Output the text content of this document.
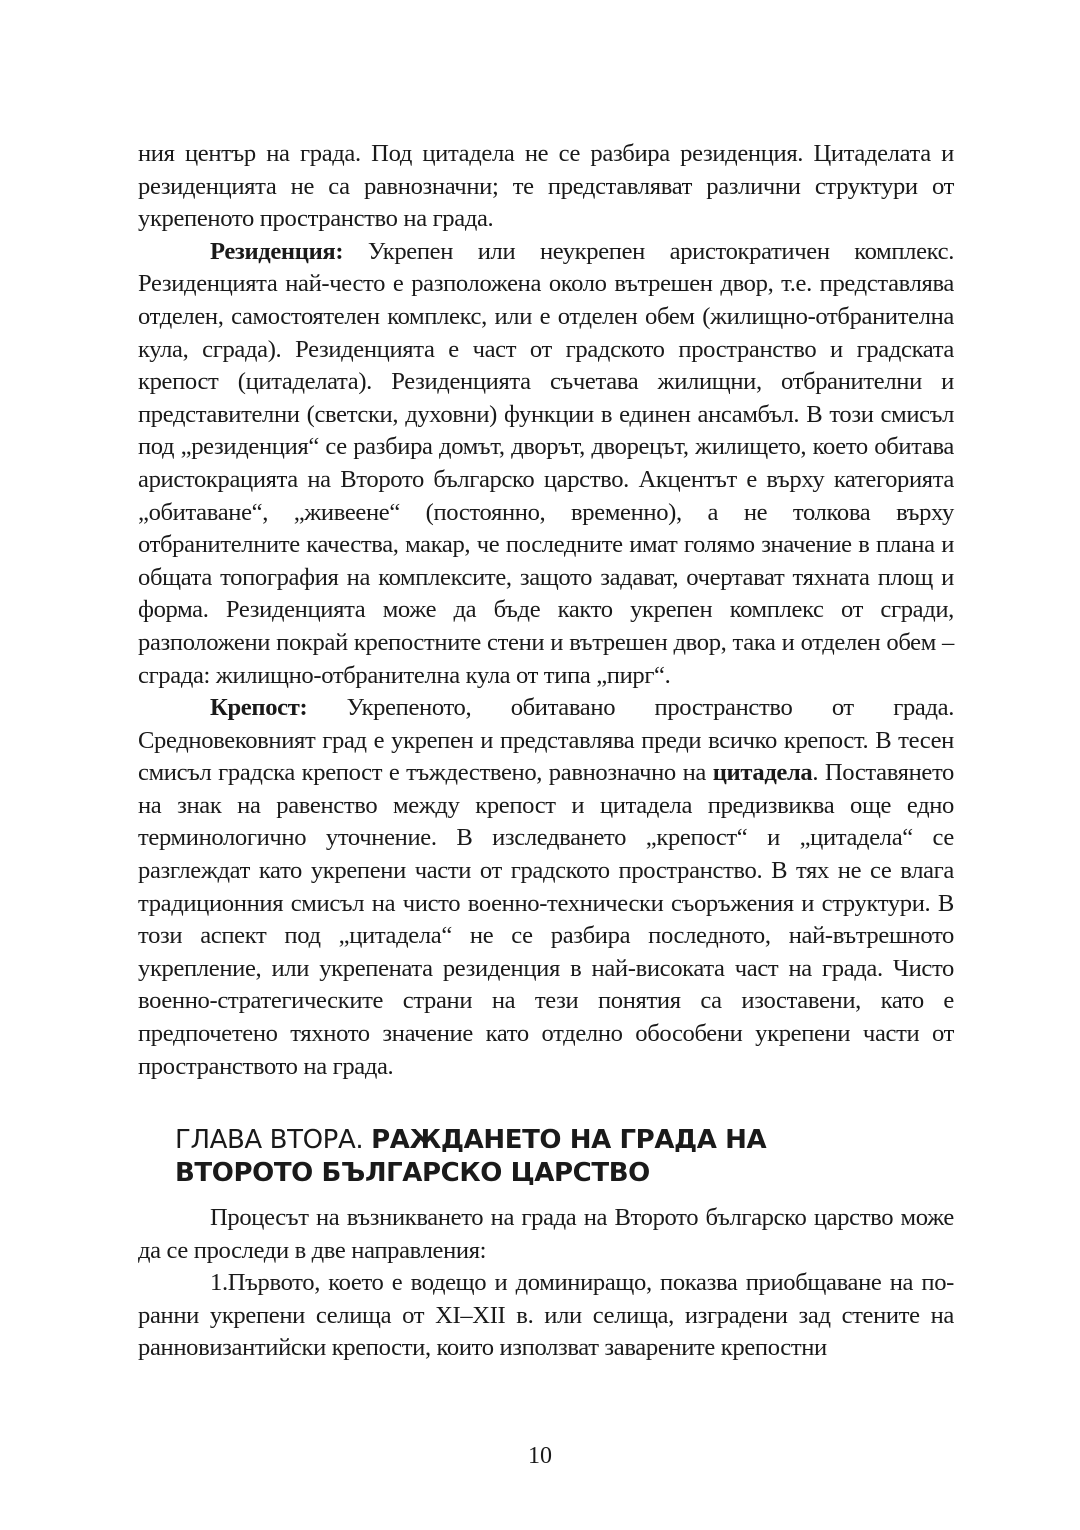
ния център на града. Под цитадела не се разбира резиденция. Цитаделата и резиденцията не са равнозначни; те представляват различни структури от укрепеното пространство на града.

Резиденция: Укрепен или неукрепен аристократичен комплекс. Резиденцията най-често е разположена около вътрешен двор, т.е. представлява отделен, самостоятелен комплекс, или е отделен обем (жилищно-отбранителна кула, сграда). Резиденцията е част от градското пространство и градската крепост (цитаделата). Резиденцията съчетава жилищни, отбранителни и представителни (светски, духовни) функции в единен ансамбъл. В този смисъл под „резиденция“ се разбира домът, дворът, дворецът, жилището, което обитава аристокрацията на Второто българско царство. Акцентът е върху категорията „обитаване“, „живеене“ (постоянно, временно), а не толкова върху отбранителните качества, макар, че последните имат голямо значение в плана и общата топография на комплексите, защото задават, очертават тяхната площ и форма. Резиденцията може да бъде както укрепен комплекс от сгради, разположени покрай крепостните стени и вътрешен двор, така и отделен обем – сграда: жилищно-отбранителна кула от типа „пирг“.

Крепост: Укрепеното, обитавано пространство от града. Средновековният град е укрепен и представлява преди всичко крепост. В тесен смисъл градска крепост е тъждествено, равнозначно на цитадела. Поставянето на знак на равенство между крепост и цитадела предизвиква още едно терминологично уточнение. В изследването „крепост“ и „цитадела“ се разглеждат като укрепени части от градското пространство. В тях не се влага традиционния смисъл на чисто военно-технически съоръжения и структури. В този аспект под „цитадела“ не се разбира последното, най-вътрешното укрепление, или укрепената резиденция в най-високата част на града. Чисто военно-стратегическите страни на тези понятия са изоставени, като е предпочетено тяхното значение като отделно обособени укрепени части от пространството на града.

ГЛАВА ВТОРА. РАЖДАНЕТО НА ГРАДА НА
ВТОРОТО БЪЛГАРСКО ЦАРСТВО

Процесът на възникването на града на Второто българско царство може да се проследи в две направления:

1.Първото, което е водещо и доминиращо, показва приобщаване на по-ранни укрепени селища от XI–XII в. или селища, изградени зад стените на ранновизантийски крепости, които използват заварените крепостни

10
